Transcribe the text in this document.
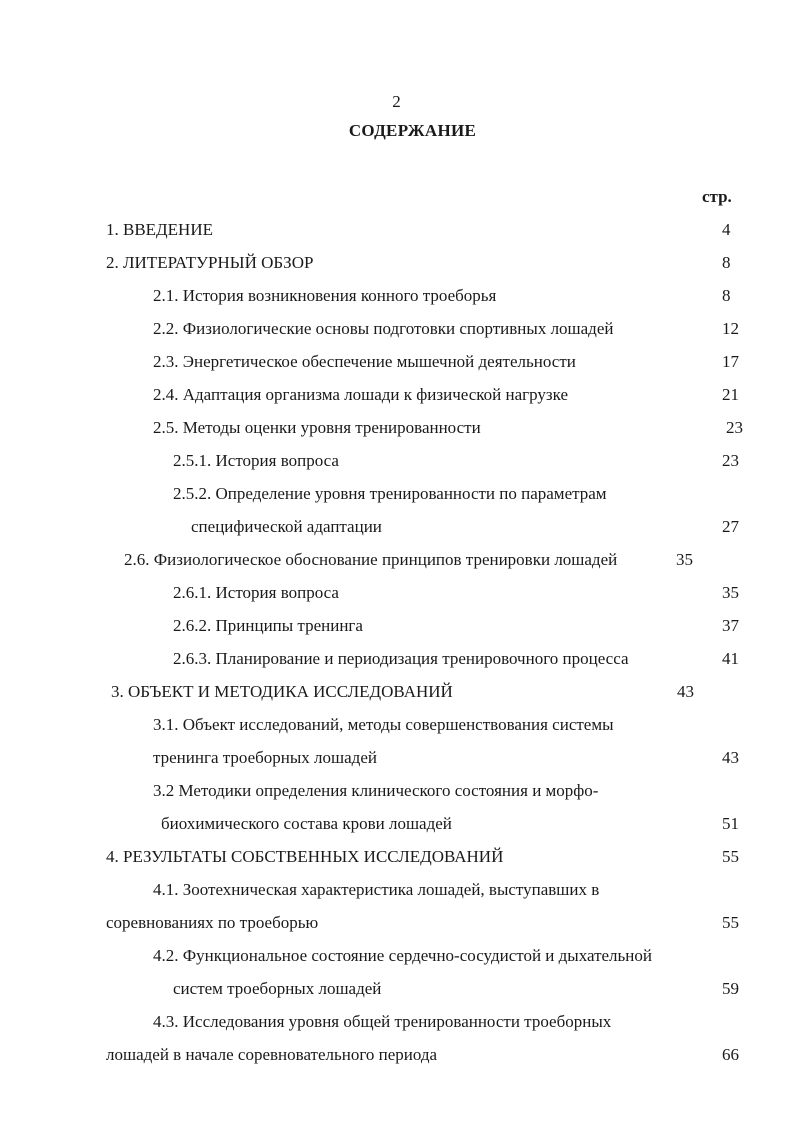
2
СОДЕРЖАНИЕ
стр.
1. ВВЕДЕНИЕ	4
2. ЛИТЕРАТУРНЫЙ ОБЗОР	8
2.1. История возникновения конного троеборья	8
2.2. Физиологические основы подготовки спортивных лошадей	12
2.3. Энергетическое обеспечение мышечной деятельности	17
2.4. Адаптация организма лошади к физической нагрузке	21
2.5. Методы оценки уровня тренированности	23
2.5.1. История вопроса	23
2.5.2. Определение уровня тренированности по параметрам
специфической адаптации	27
2.6. Физиологическое обоснование принципов тренировки лошадей	35
2.6.1. История вопроса	35
2.6.2. Принципы тренинга	37
2.6.3. Планирование и периодизация тренировочного процесса	41
3. ОБЪЕКТ И МЕТОДИКА ИССЛЕДОВАНИЙ	43
3.1. Объект исследований, методы совершенствования системы
тренинга троеборных лошадей	43
3.2 Методики определения клинического состояния и морфо-
биохимического состава крови лошадей	51
4. РЕЗУЛЬТАТЫ СОБСТВЕННЫХ ИССЛЕДОВАНИЙ	55
4.1. Зоотехническая характеристика лошадей, выступавших в
соревнованиях по троеборью	55
4.2. Функциональное состояние сердечно-сосудистой и дыхательной
систем троеборных лошадей	59
4.3. Исследования уровня общей тренированности троеборных
лошадей в начале соревновательного периода	66
